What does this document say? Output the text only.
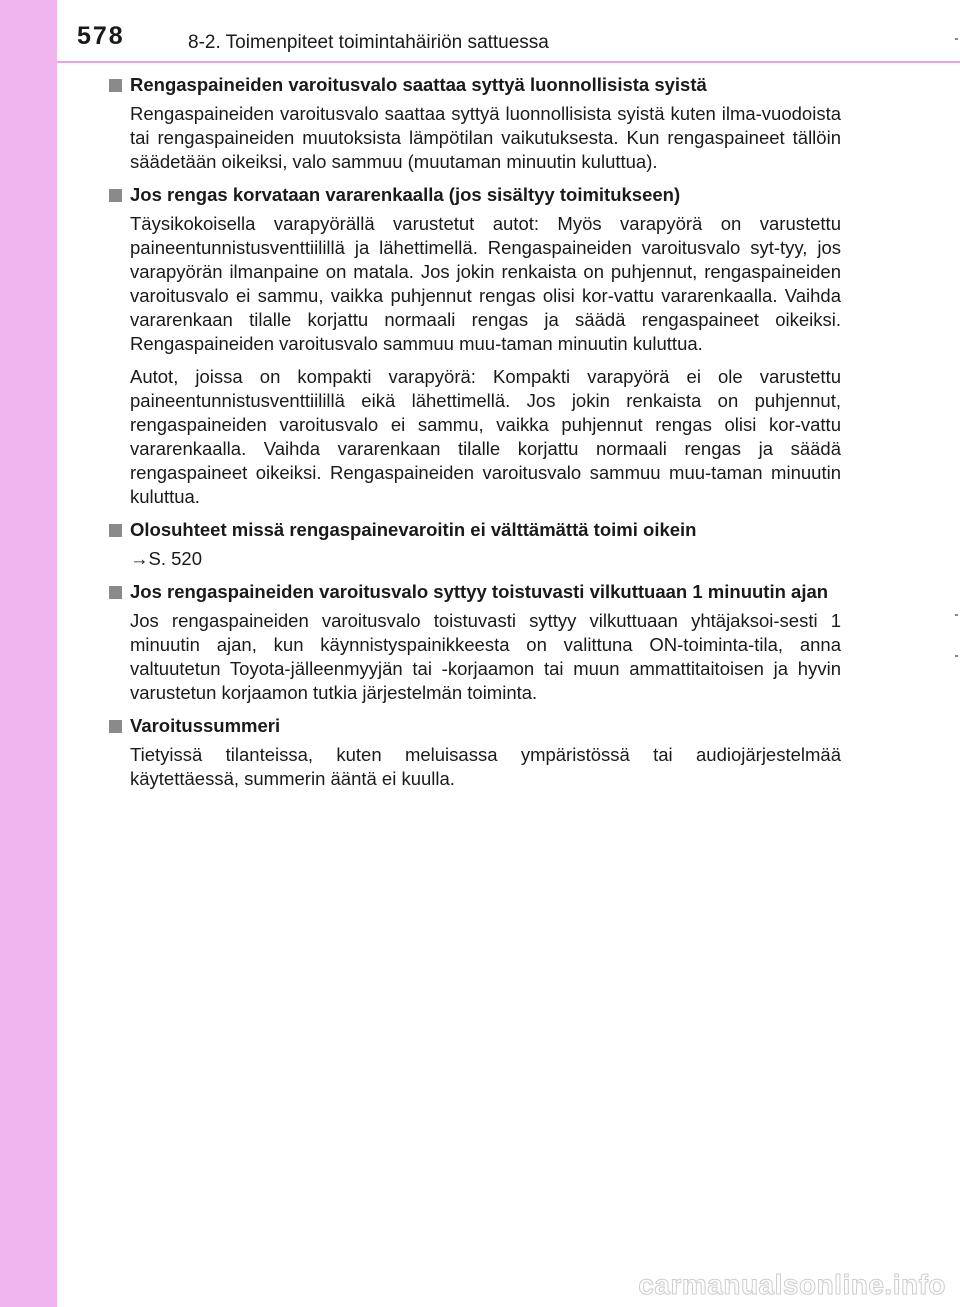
578	8-2. Toimenpiteet toimintahäiriön sattuessa
Rengaspaineiden varoitusvalo saattaa syttyä luonnollisista syistä

Rengaspaineiden varoitusvalo saattaa syttyä luonnollisista syistä kuten ilma-vuodoista tai rengaspaineiden muutoksista lämpötilan vaikutuksesta. Kun rengaspaineet tällöin säädetään oikeiksi, valo sammuu (muutaman minuutin kuluttua).

Jos rengas korvataan vararenkaalla (jos sisältyy toimitukseen)

Täysikokoisella varapyörällä varustetut autot: Myös varapyörä on varustettu paineentunnistusventtiilillä ja lähettimellä. Rengaspaineiden varoitusvalo syt-tyy, jos varapyörän ilmanpaine on matala. Jos jokin renkaista on puhjennut, rengaspaineiden varoitusvalo ei sammu, vaikka puhjennut rengas olisi kor-vattu vararenkaalla. Vaihda vararenkaan tilalle korjattu normaali rengas ja säädä rengaspaineet oikeiksi. Rengaspaineiden varoitusvalo sammuu muu-taman minuutin kuluttua.

Autot, joissa on kompakti varapyörä: Kompakti varapyörä ei ole varustettu paineentunnistusventtiilillä eikä lähettimellä. Jos jokin renkaista on puhjennut, rengaspaineiden varoitusvalo ei sammu, vaikka puhjennut rengas olisi kor-vattu vararenkaalla. Vaihda vararenkaan tilalle korjattu normaali rengas ja säädä rengaspaineet oikeiksi. Rengaspaineiden varoitusvalo sammuu muu-taman minuutin kuluttua.

Olosuhteet missä rengaspainevaroitin ei välttämättä toimi oikein
→S. 520
Jos rengaspaineiden varoitusvalo syttyy toistuvasti vilkuttuaan 1 minuutin ajan

Jos rengaspaineiden varoitusvalo toistuvasti syttyy vilkuttuaan yhtäjaksoi-sesti 1 minuutin ajan, kun käynnistyspainikkeesta on valittuna ON-toiminta-tila, anna valtuutetun Toyota-jälleenmyyjän tai -korjaamon tai muun ammattitaitoisen ja hyvin varustetun korjaamon tutkia järjestelmän toiminta.

Varoitussummeri

Tietyissä tilanteissa, kuten meluisassa ympäristössä tai audiojärjestelmää käytettäessä, summerin ääntä ei kuulla.

carmanualsonline.info
